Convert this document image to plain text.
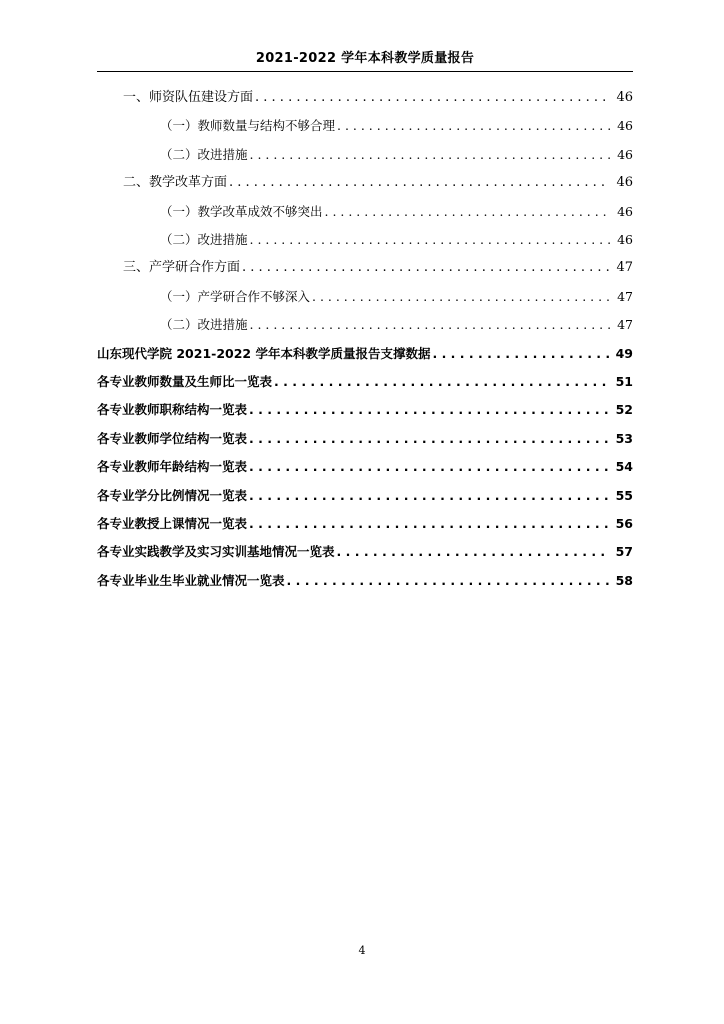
2021-2022 学年本科教学质量报告
一、师资队伍建设方面 . . .	46
（一）教师数量与结构不够合理 . . .	46
（二）改进措施 . . .	46
二、教学改革方面 . . .	46
（一）教学改革成效不够突出 . . .	46
（二）改进措施 . . .	46
三、产学研合作方面 . . .	47
（一）产学研合作不够深入 . . .	47
（二）改进措施 . . .	47
山东现代学院 2021-2022 学年本科教学质量报告支撑数据 . . .	49
各专业教师数量及生师比一览表 . . .	51
各专业教师职称结构一览表 . . .	52
各专业教师学位结构一览表 . . .	53
各专业教师年龄结构一览表 . . .	54
各专业学分比例情况一览表 . . .	55
各专业教授上课情况一览表 . . .	56
各专业实践教学及实习实训基地情况一览表 . . .	57
各专业毕业生毕业就业情况一览表 . . .	58
4
